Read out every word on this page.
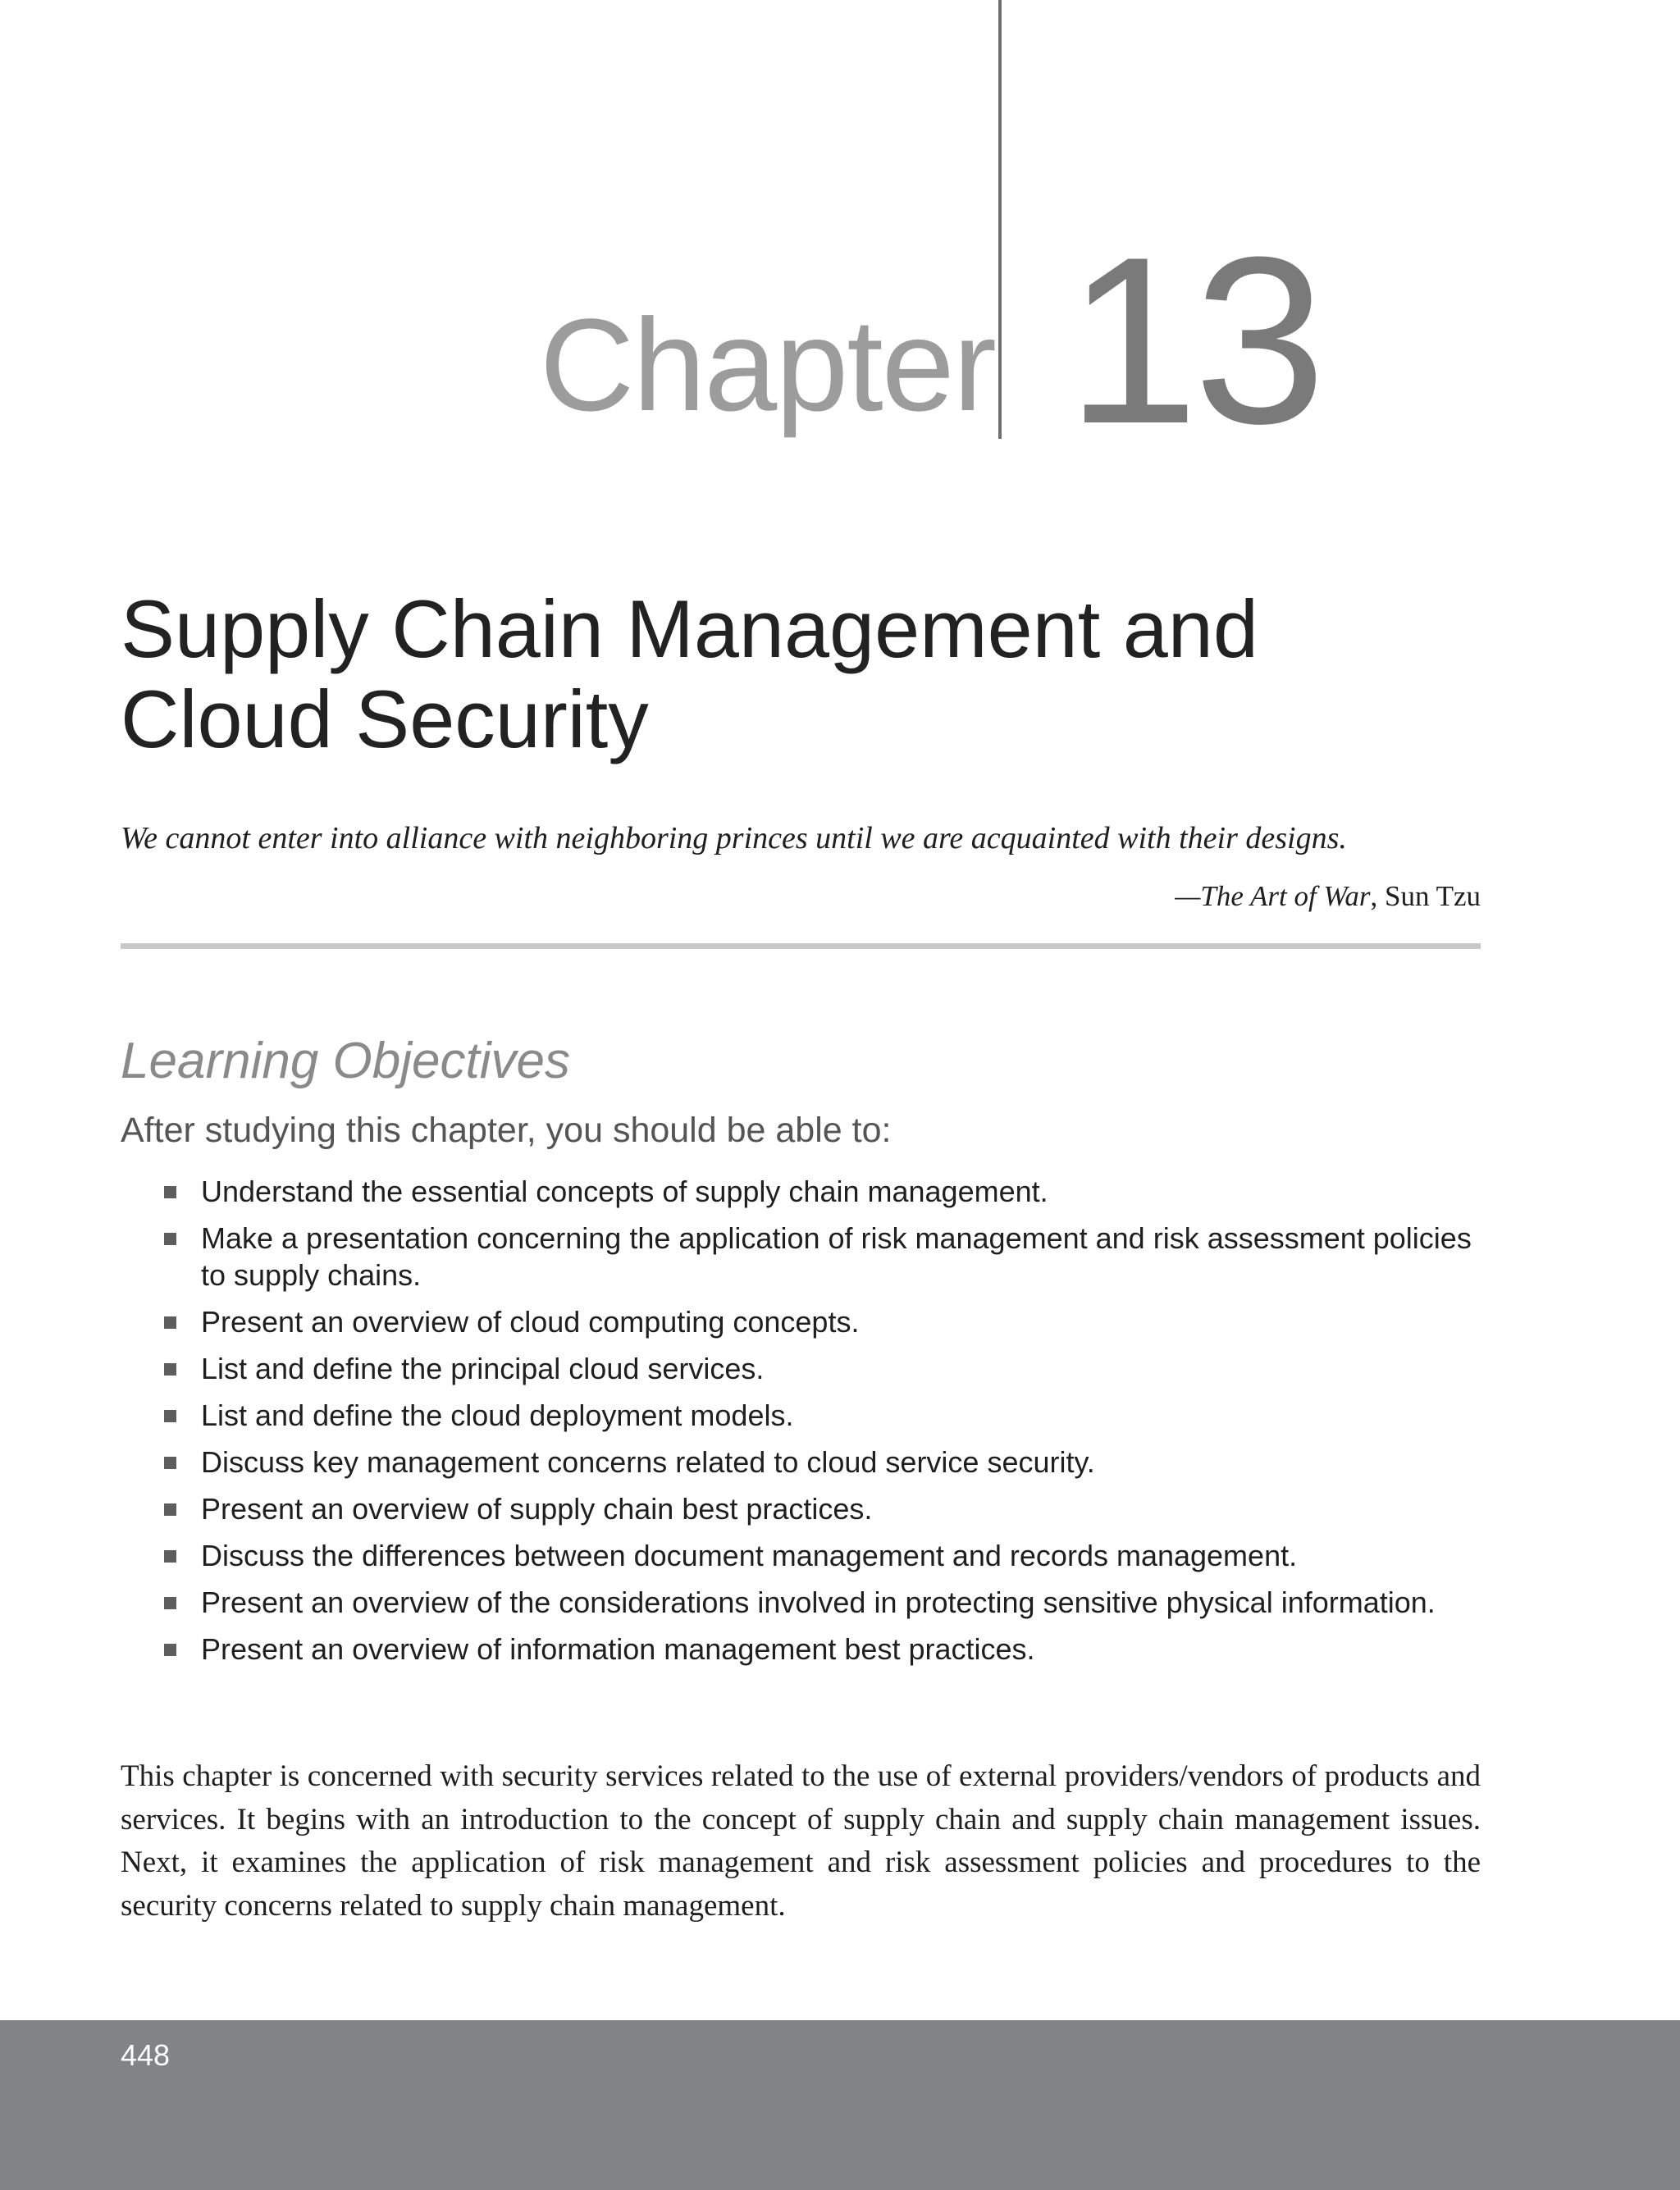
Chapter 13
Supply Chain Management and
Cloud Security
We cannot enter into alliance with neighboring princes until we are acquainted with their designs.
—The Art of War, Sun Tzu
Learning Objectives
After studying this chapter, you should be able to:
Understand the essential concepts of supply chain management.
Make a presentation concerning the application of risk management and risk assessment policies to supply chains.
Present an overview of cloud computing concepts.
List and define the principal cloud services.
List and define the cloud deployment models.
Discuss key management concerns related to cloud service security.
Present an overview of supply chain best practices.
Discuss the differences between document management and records management.
Present an overview of the considerations involved in protecting sensitive physical information.
Present an overview of information management best practices.

This chapter is concerned with security services related to the use of external providers/vendors of products and services. It begins with an introduction to the concept of supply chain and supply chain management issues. Next, it examines the application of risk management and risk assessment policies and procedures to the security concerns related to supply chain management.

448
